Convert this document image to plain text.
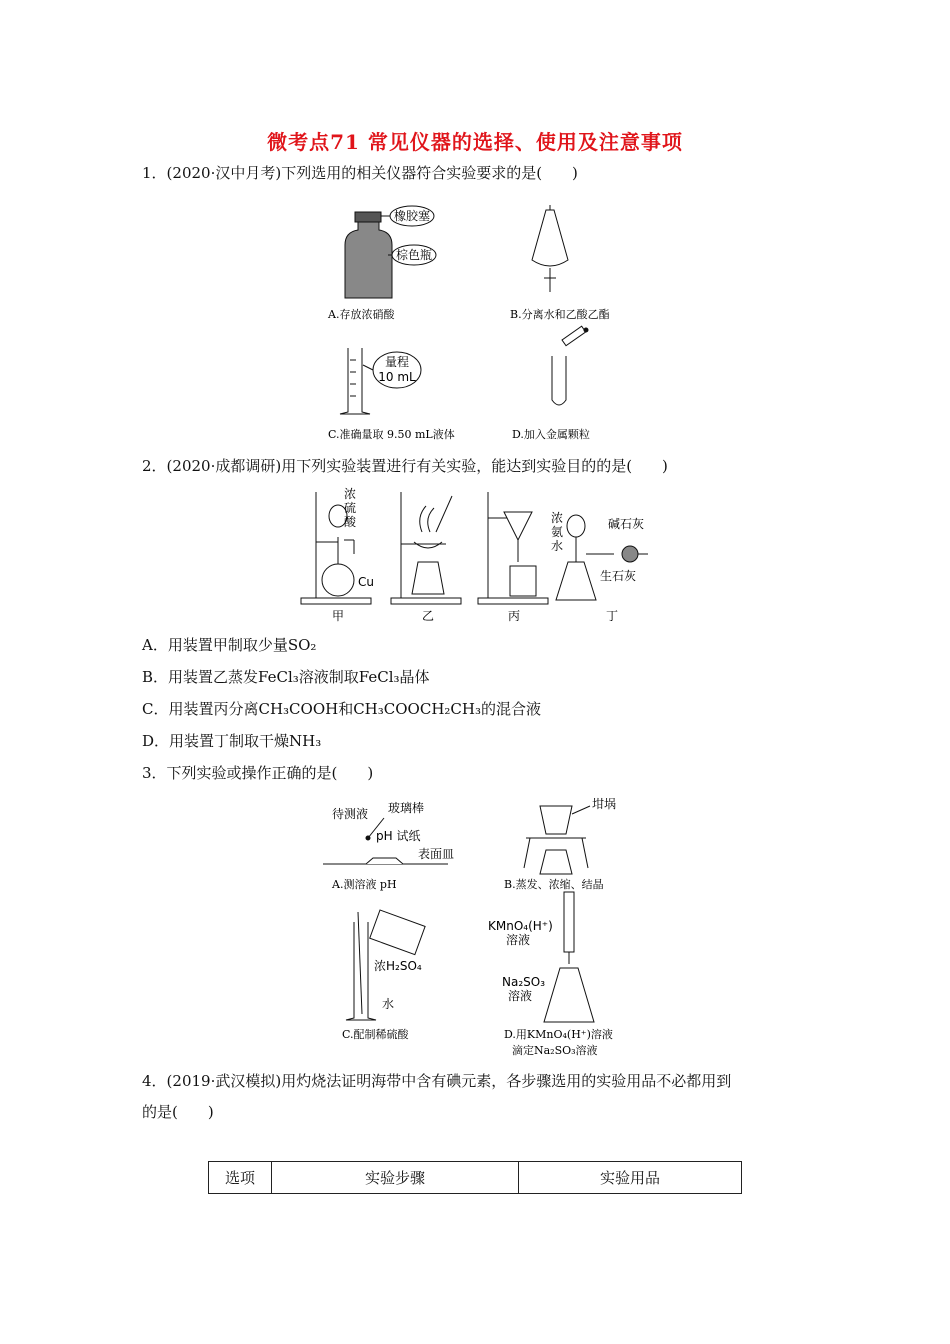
微考点71 常见仪器的选择、使用及注意事项
1．(2020·汉中月考)下列选用的相关仪器符合实验要求的是(　　)
橡胶塞
棕色瓶
A.存放浓硝酸	B.分离水和乙酸乙酯
量程
10 mL
C.准确量取 9.50 mL液体	D.加入金属颗粒
2．(2020·成都调研)用下列实验装置进行有关实验，能达到实验目的的是(　　)
浓
硫
酸
Cu
甲	乙	丙
浓
氨
水
碱石灰
生石灰
丁
A．用装置甲制取少量SO₂
B．用装置乙蒸发FeCl₃溶液制取FeCl₃晶体
C．用装置丙分离CH₃COOH和CH₃COOCH₂CH₃的混合液
D．用装置丁制取干燥NH₃
3．下列实验或操作正确的是(　　)
待测液 玻璃棒
pH 试纸
表面皿
A.测溶液 pH
坩埚
B.蒸发、浓缩、结晶
浓H₂SO₄
水
C.配制稀硫酸
KMnO₄(H⁺)
溶液
Na₂SO₃
溶液
D.用KMnO₄(H⁺)溶液
滴定Na₂SO₃溶液
4．(2019·武汉模拟)用灼烧法证明海带中含有碘元素，各步骤选用的实验用品不必都用到
的是(　　)
选项	实验步骤	实验用品
